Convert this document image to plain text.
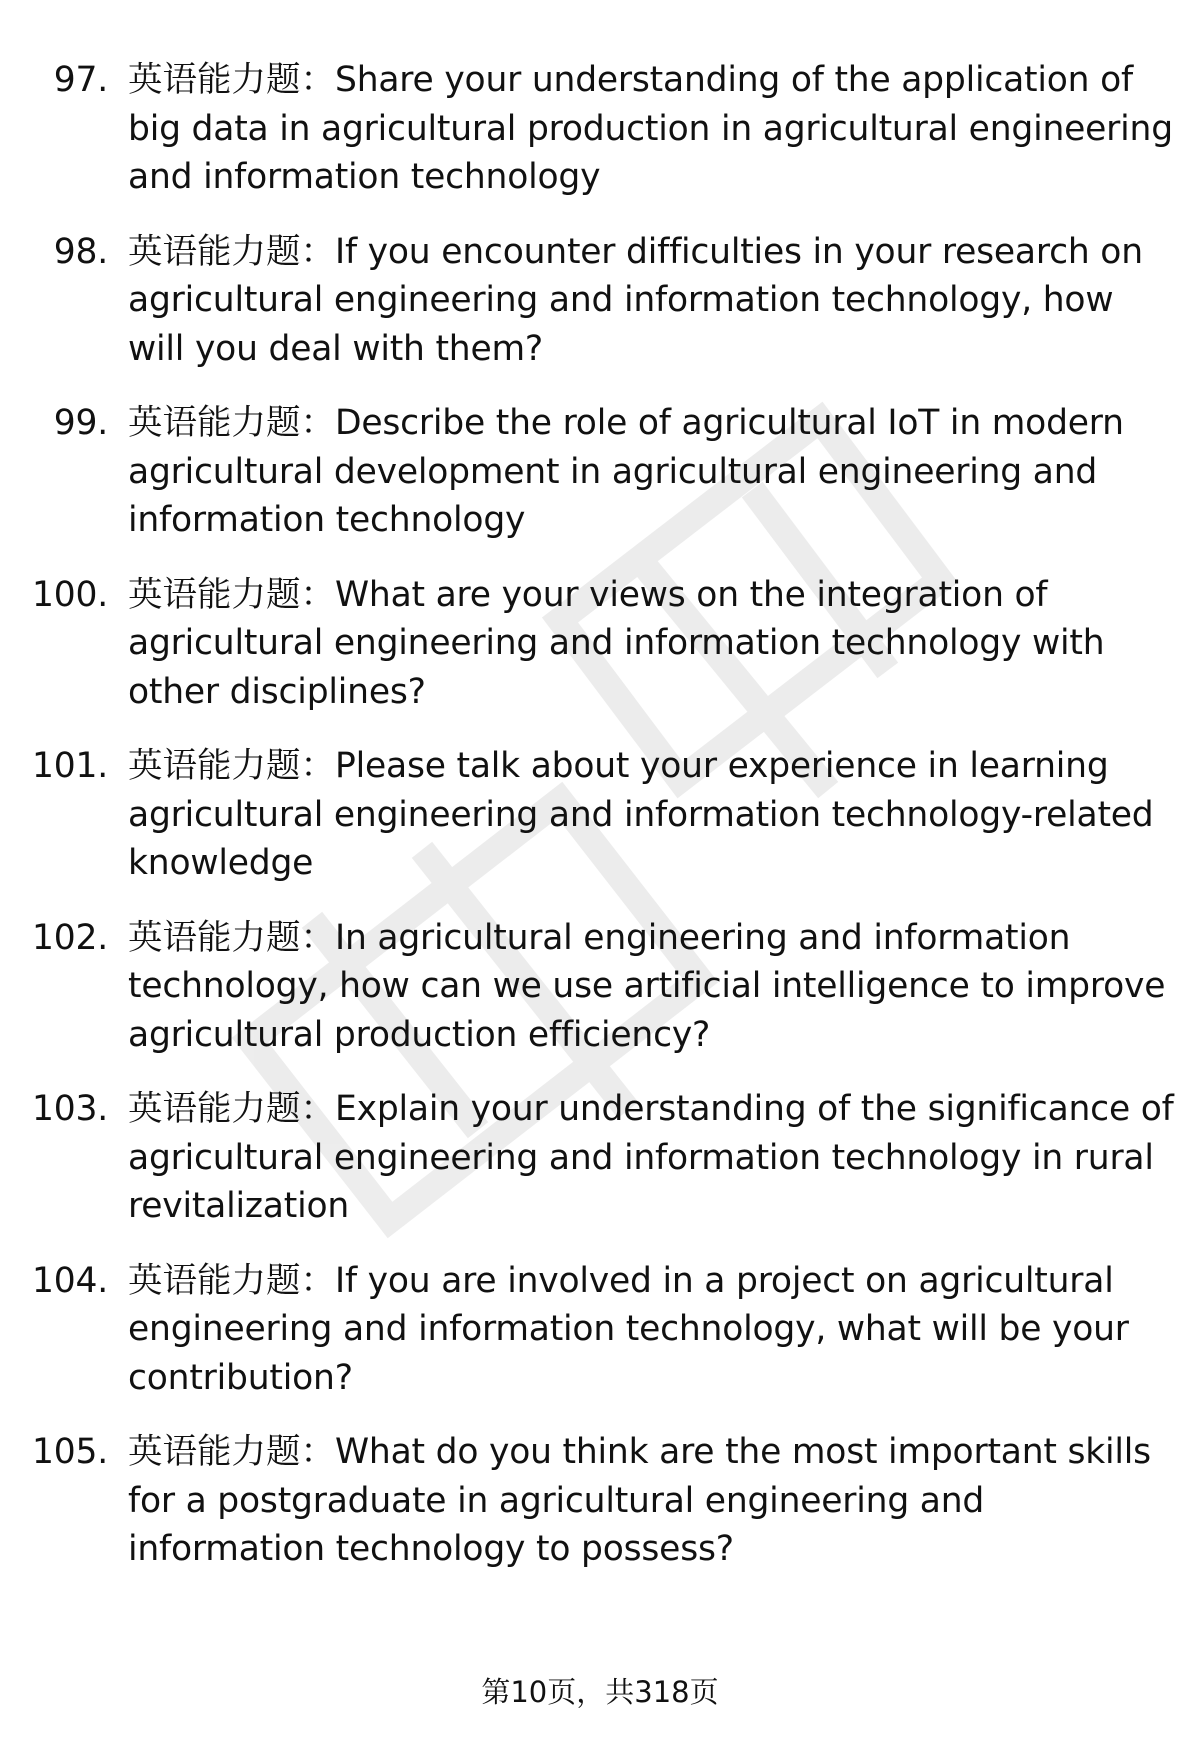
97. 英语能力题：Share your understanding of the application of big data in agricultural production in agricultural engineering and information technology
98. 英语能力题：If you encounter difficulties in your research on agricultural engineering and information technology, how will you deal with them?
99. 英语能力题：Describe the role of agricultural IoT in modern agricultural development in agricultural engineering and information technology
100. 英语能力题：What are your views on the integration of agricultural engineering and information technology with other disciplines?
101. 英语能力题：Please talk about your experience in learning agricultural engineering and information technology-related knowledge
102. 英语能力题：In agricultural engineering and information technology, how can we use artificial intelligence to improve agricultural production efficiency?
103. 英语能力题：Explain your understanding of the significance of agricultural engineering and information technology in rural revitalization
104. 英语能力题：If you are involved in a project on agricultural engineering and information technology, what will be your contribution?
105. 英语能力题：What do you think are the most important skills for a postgraduate in agricultural engineering and information technology to possess?
第10页，共318页
